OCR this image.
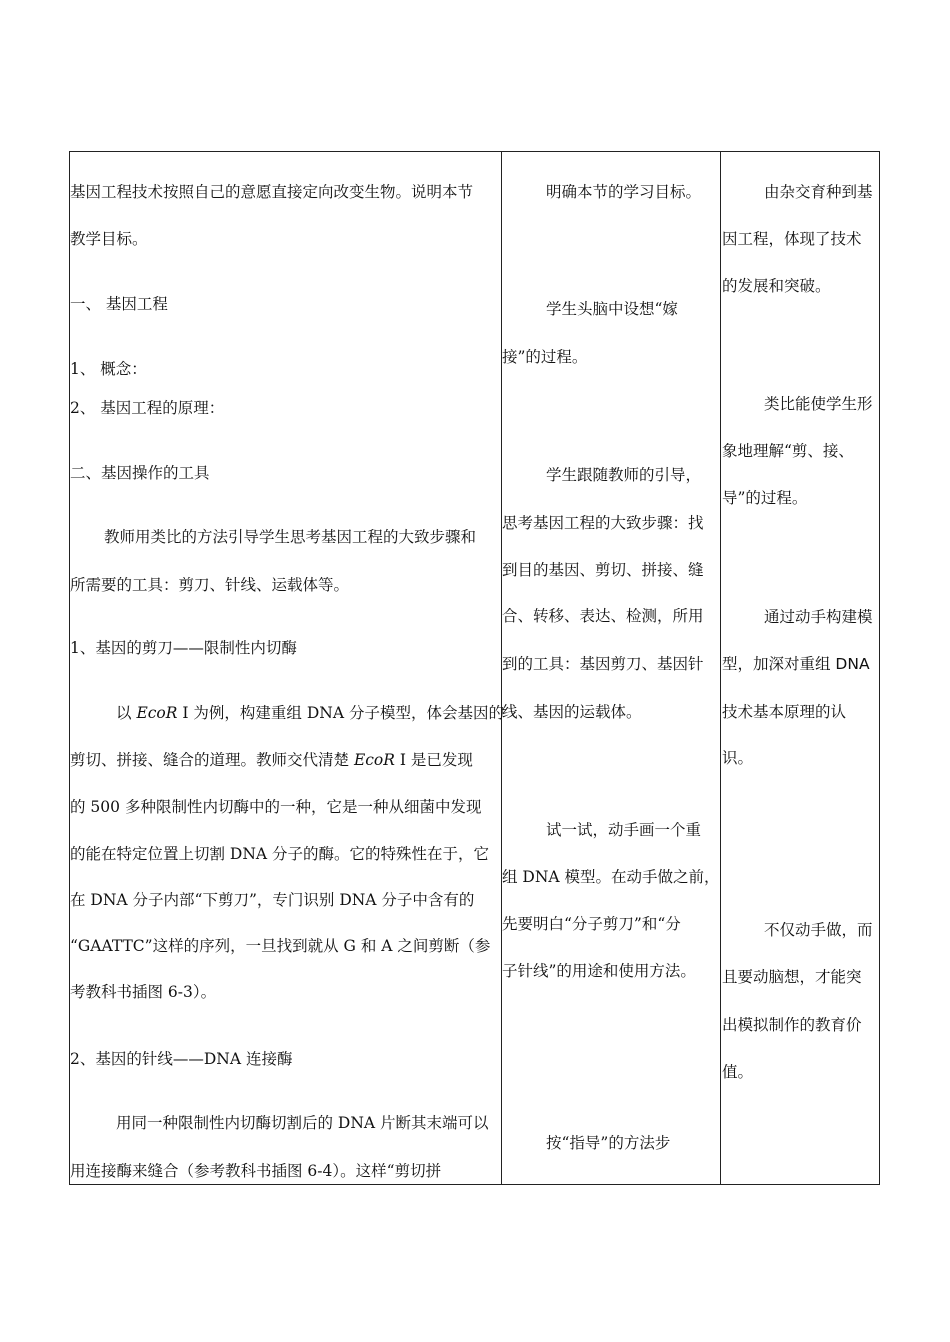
基因工程技术按照自己的意愿直接定向改变生物。说明本节
教学目标。
一、 基因工程
1、 概念：
2、 基因工程的原理：
二、基因操作的工具
教师用类比的方法引导学生思考基因工程的大致步骤和
所需要的工具：剪刀、针线、运载体等。
1、基因的剪刀——限制性内切酶
以 EcoR I 为例，构建重组 DNA 分子模型，体会基因的
剪切、拼接、缝合的道理。教师交代清楚 EcoR I 是已发现
的 500 多种限制性内切酶中的一种，它是一种从细菌中发现
的能在特定位置上切割 DNA 分子的酶。它的特殊性在于，它
在 DNA 分子内部“下剪刀”，专门识别 DNA 分子中含有的
“GAATTC”这样的序列，一旦找到就从 G 和 A 之间剪断（参
考教科书插图 6-3）。
2、基因的针线——DNA 连接酶
用同一种限制性内切酶切割后的 DNA 片断其末端可以
用连接酶来缝合（参考教科书插图 6-4）。这样“剪切拼
明确本节的学习目标。
学生头脑中设想“嫁
接”的过程。
学生跟随教师的引导，
思考基因工程的大致步骤：找
到目的基因、剪切、拼接、缝
合、转移、表达、检测，所用
到的工具：基因剪刀、基因针
线、基因的运载体。
试一试，动手画一个重
组 DNA 模型。在动手做之前，
先要明白“分子剪刀”和“分
子针线”的用途和使用方法。
按“指导”的方法步
由杂交育种到基
因工程，体现了技术
的发展和突破。
类比能使学生形
象地理解“剪、接、
导”的过程。
通过动手构建模
型，加深对重组 DNA
技术基本原理的认
识。
不仅动手做，而
且要动脑想，才能突
出模拟制作的教育价
值。
